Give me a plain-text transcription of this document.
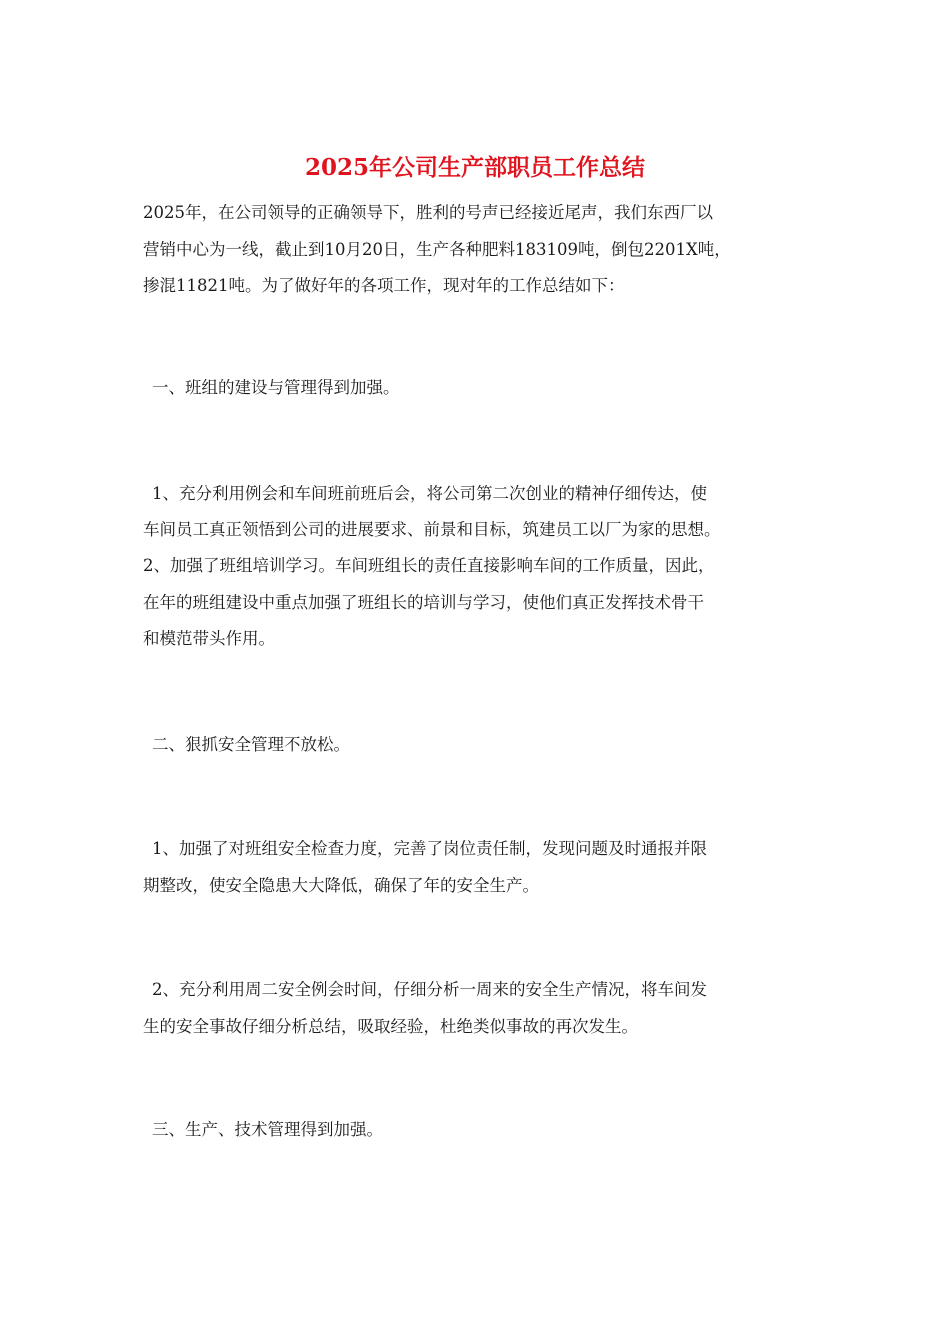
2025年公司生产部职员工作总结
2025年，在公司领导的正确领导下，胜利的号声已经接近尾声，我们东西厂以
营销中心为一线，截止到10月20日，生产各种肥料183109吨，倒包2201X吨，
掺混11821吨。为了做好年的各项工作，现对年的工作总结如下：
一、班组的建设与管理得到加强。
1、充分利用例会和车间班前班后会，将公司第二次创业的精神仔细传达，使
车间员工真正领悟到公司的进展要求、前景和目标，筑建员工以厂为家的思想。
2、加强了班组培训学习。车间班组长的责任直接影响车间的工作质量，因此，
在年的班组建设中重点加强了班组长的培训与学习，使他们真正发挥技术骨干
和模范带头作用。
二、狠抓安全管理不放松。
1、加强了对班组安全检查力度，完善了岗位责任制，发现问题及时通报并限
期整改，使安全隐患大大降低，确保了年的安全生产。
2、充分利用周二安全例会时间，仔细分析一周来的安全生产情况，将车间发
生的安全事故仔细分析总结，吸取经验，杜绝类似事故的再次发生。
三、生产、技术管理得到加强。
